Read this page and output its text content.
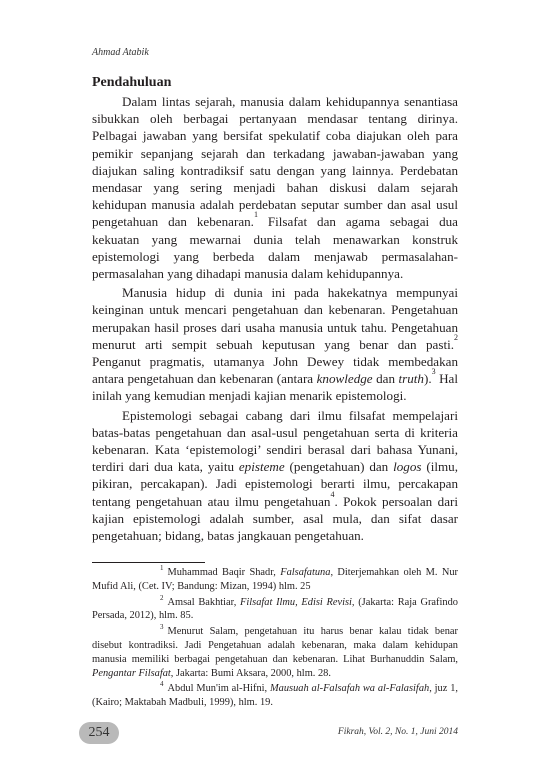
Ahmad Atabik
Pendahuluan

Dalam lintas sejarah, manusia dalam kehidupannya senantiasa sibukkan oleh berbagai pertanyaan mendasar tentang dirinya. Pelbagai jawaban yang bersifat spekulatif coba diajukan oleh para pemikir sepanjang sejarah dan terkadang jawaban-jawaban yang diajukan saling kontradiksif satu dengan yang lainnya. Perdebatan mendasar yang sering menjadi bahan diskusi dalam sejarah kehidupan manusia adalah perdebatan seputar sumber dan asal usul pengetahuan dan kebenaran.$^1$ Filsafat dan agama sebagai dua kekuatan yang mewarnai dunia telah menawarkan konstruk epistemologi yang berbeda dalam menjawab permasalahan-permasalahan yang dihadapi manusia dalam kehidupannya.

Manusia hidup di dunia ini pada hakekatnya mempunyai keinginan untuk mencari pengetahuan dan kebenaran. Pengetahuan merupakan hasil proses dari usaha manusia untuk tahu. Pengetahuan menurut arti sempit sebuah keputusan yang benar dan pasti.$^2$ Penganut pragmatis, utamanya John Dewey tidak membedakan antara pengetahuan dan kebenaran (antara knowledge dan truth).$^3$ Hal inilah yang kemudian menjadi kajian menarik epistemologi.

Epistemologi sebagai cabang dari ilmu filsafat mempelajari batas-batas pengetahuan dan asal-usul pengetahuan serta di kriteria kebenaran. Kata ‘epistemologi’ sendiri berasal dari bahasa Yunani, terdiri dari dua kata, yaitu episteme (pengetahuan) dan logos (ilmu, pikiran, percakapan). Jadi epistemologi berarti ilmu, percakapan tentang pengetahuan atau ilmu pengetahuan$^4$. Pokok persoalan dari kajian epistemologi adalah sumber, asal mula, dan sifat dasar pengetahuan; bidang, batas jangkauan pengetahuan.

$^1$ Muhammad Baqir Shadr, Falsafatuna, Diterjemahkan oleh M. Nur Mufid Ali, (Cet. IV; Bandung: Mizan, 1994) hlm. 25

$^2$ Amsal Bakhtiar, Filsafat Ilmu, Edisi Revisi, (Jakarta: Raja Grafindo Persada, 2012), hlm. 85.

$^3$ Menurut Salam, pengetahuan itu harus benar kalau tidak benar disebut kontradiksi. Jadi Pengetahuan adalah kebenaran, maka dalam kehidupan manusia memiliki berbagai pengetahuan dan kebenaran. Lihat Burhanuddin Salam, Pengantar Filsafat, Jakarta: Bumi Aksara, 2000, hlm. 28.

$^4$ Abdul Mun'im al-Hifni, Mausuah al-Falsafah wa al-Falasifah, juz 1, (Kairo; Maktabah Madbuli, 1999), hlm. 19.

254	Fikrah, Vol. 2, No. 1, Juni 2014
